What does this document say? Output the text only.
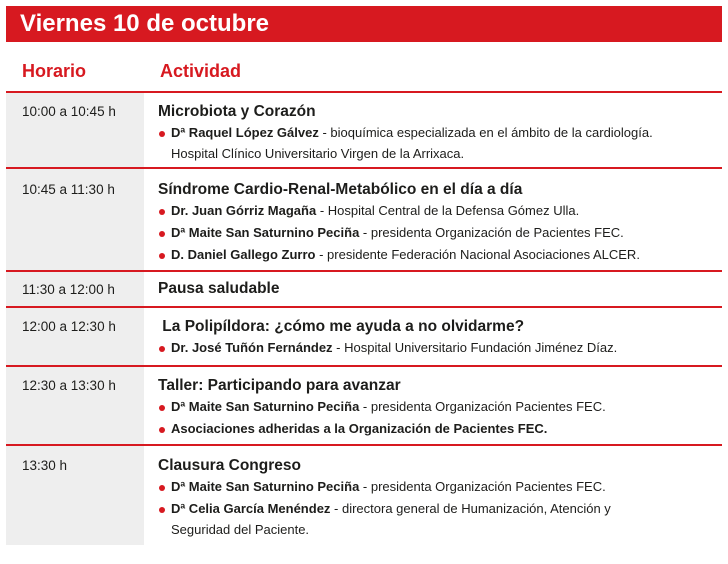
Viernes 10 de octubre
Horario	Actividad
10:00 a 10:45 h	Microbiota y Corazón
Dª Raquel López Gálvez - bioquímica especializada en el ámbito de la cardiología.
Hospital Clínico Universitario Virgen de la Arrixaca.
10:45 a 11:30 h	Síndrome Cardio-Renal-Metabólico en el día a día
Dr. Juan Górriz Magaña - Hospital Central de la Defensa Gómez Ulla.
Dª Maite San Saturnino Peciña - presidenta Organización de Pacientes FEC.
D. Daniel Gallego Zurro - presidente Federación Nacional Asociaciones ALCER.
11:30 a 12:00 h	Pausa saludable
12:00 a 12:30 h	La Polipíldora: ¿cómo me ayuda a no olvidarme?
Dr. José Tuñón Fernández - Hospital Universitario Fundación Jiménez Díaz.
12:30 a 13:30 h	Taller: Participando para avanzar
Dª Maite San Saturnino Peciña - presidenta Organización Pacientes FEC.
Asociaciones adheridas a la Organización de Pacientes FEC.
13:30 h	Clausura Congreso
Dª Maite San Saturnino Peciña - presidenta Organización Pacientes FEC.
Dª Celia García Menéndez - directora general de Humanización, Atención y
Seguridad del Paciente.
